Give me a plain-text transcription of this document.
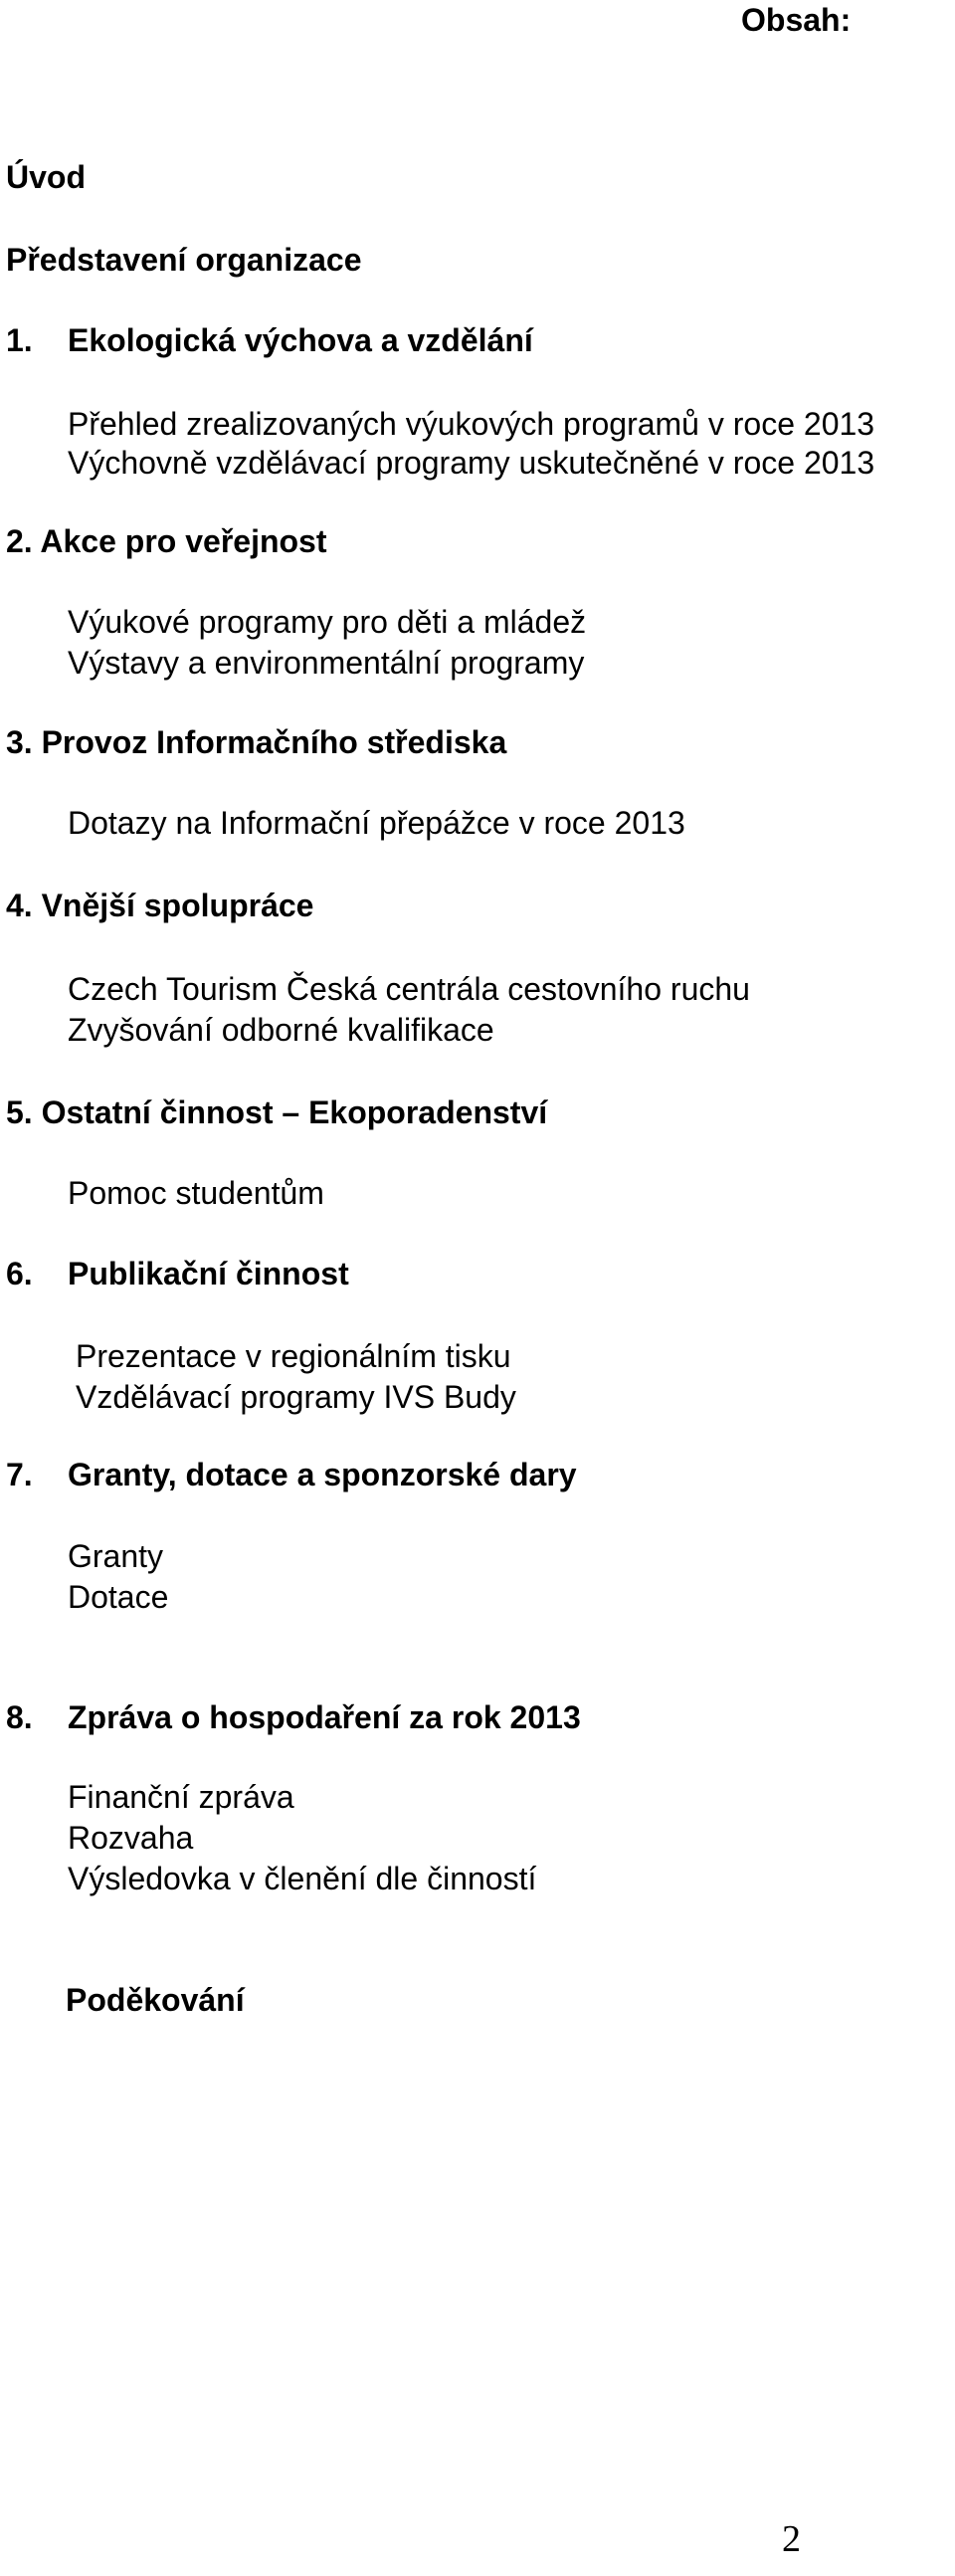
Obsah:
Úvod
Představení organizace
1. Ekologická výchova a vzdělání
Přehled zrealizovaných výukových programů v roce 2013
Výchovně vzdělávací programy uskutečněné v roce 2013
2. Akce pro veřejnost
Výukové programy pro děti a mládež
Výstavy a environmentální programy
3. Provoz Informačního střediska
Dotazy na Informační přepážce v roce 2013
4. Vnější spolupráce
Czech Tourism Česká centrála cestovního ruchu
Zvyšování odborné kvalifikace
5. Ostatní činnost – Ekoporadenství
Pomoc studentům
6. Publikační činnost
Prezentace v regionálním tisku
Vzdělávací programy IVS Budy
7. Granty, dotace a sponzorské dary
Granty
Dotace
8. Zpráva o hospodaření za rok 2013
Finanční zpráva
Rozvaha
Výsledovka v členění dle činností
Poděkování
2
